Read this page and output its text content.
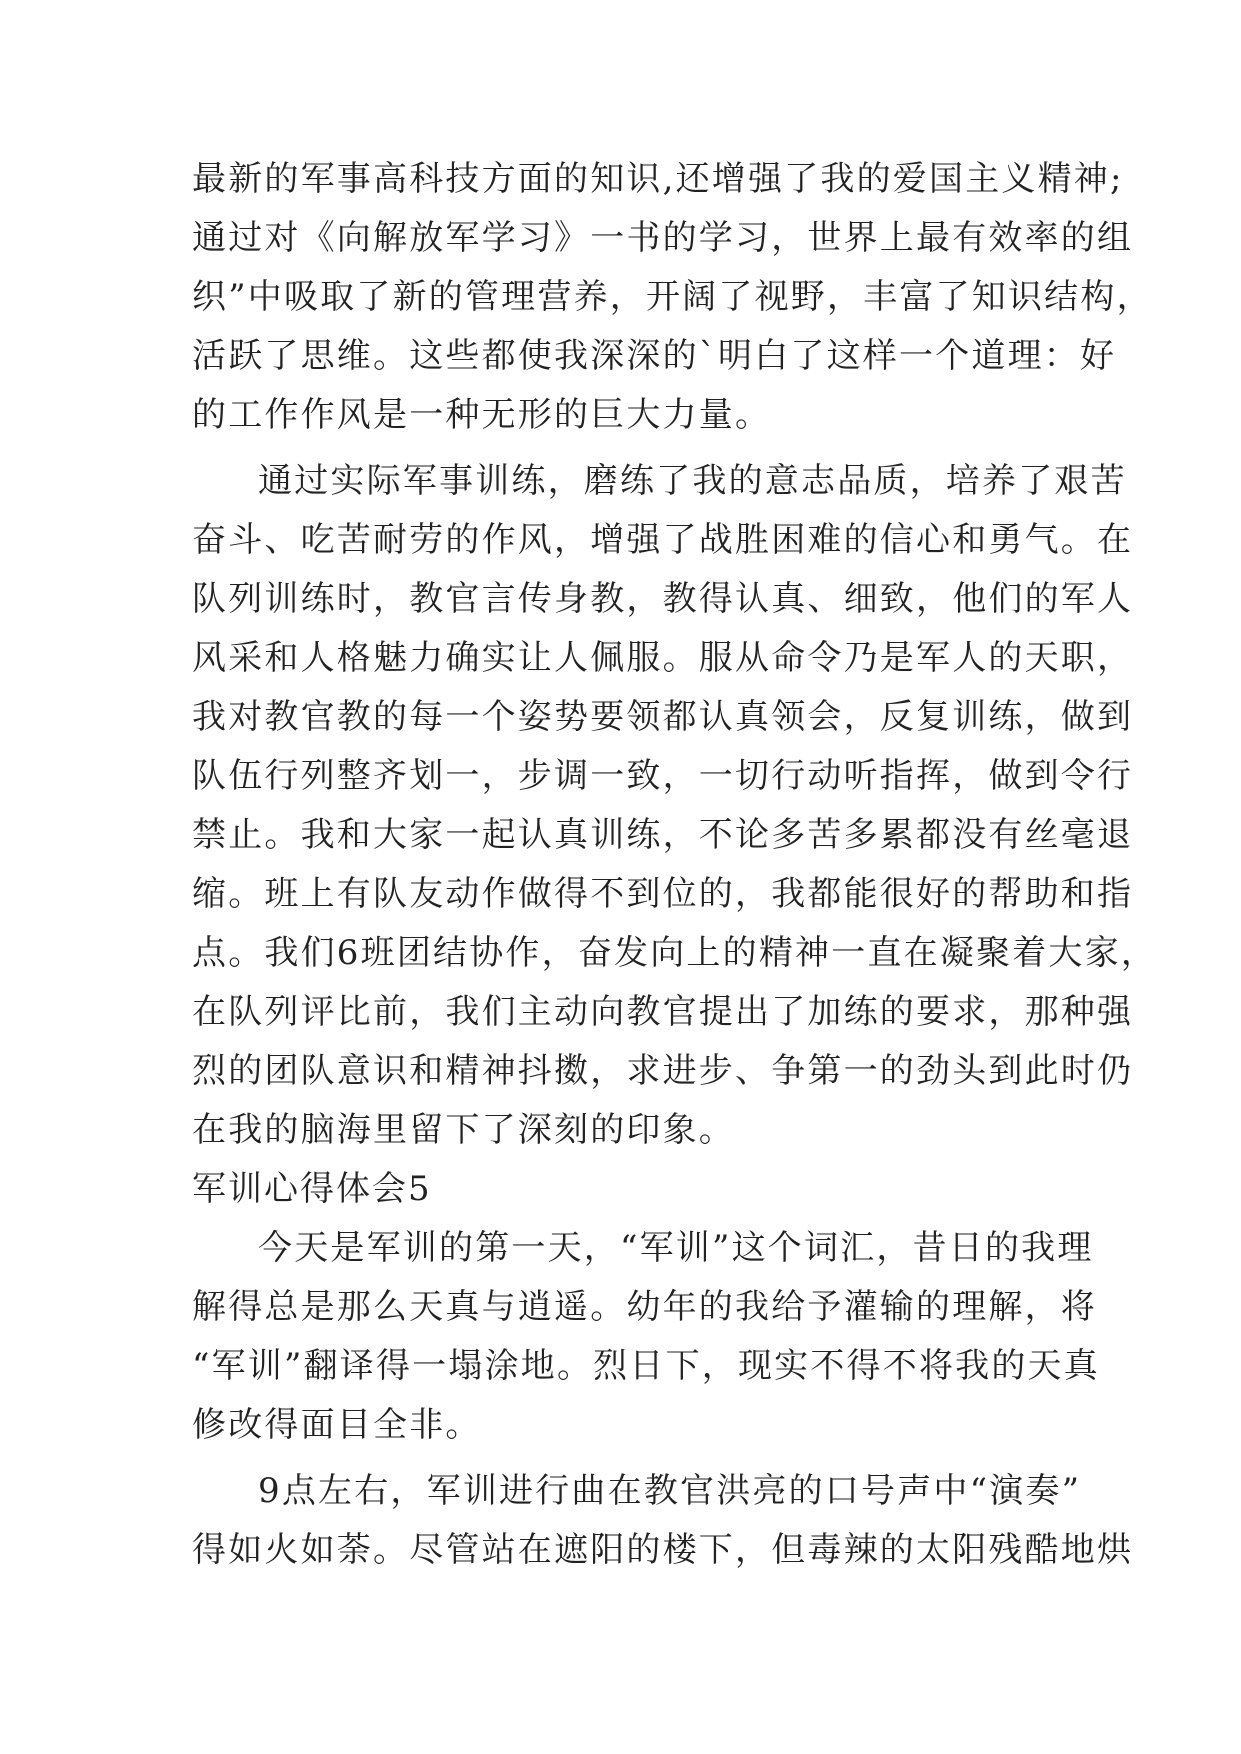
最新的军事高科技方面的知识,还增强了我的爱国主义精神;
通过对《向解放军学习》一书的学习，世界上最有效率的组
织”中吸取了新的管理营养，开阔了视野，丰富了知识结构，
活跃了思维。这些都使我深深的`明白了这样一个道理：好
的工作作风是一种无形的巨大力量。
通过实际军事训练，磨练了我的意志品质，培养了艰苦
奋斗、吃苦耐劳的作风，增强了战胜困难的信心和勇气。在
队列训练时，教官言传身教，教得认真、细致，他们的军人
风采和人格魅力确实让人佩服。服从命令乃是军人的天职，
我对教官教的每一个姿势要领都认真领会，反复训练，做到
队伍行列整齐划一，步调一致，一切行动听指挥，做到令行
禁止。我和大家一起认真训练，不论多苦多累都没有丝毫退
缩。班上有队友动作做得不到位的，我都能很好的帮助和指
点。我们6班团结协作，奋发向上的精神一直在凝聚着大家，
在队列评比前，我们主动向教官提出了加练的要求，那种强
烈的团队意识和精神抖擞，求进步、争第一的劲头到此时仍
在我的脑海里留下了深刻的印象。
军训心得体会5
今天是军训的第一天，“军训”这个词汇，昔日的我理
解得总是那么天真与逍遥。幼年的我给予灌输的理解，将
“军训”翻译得一塌涂地。烈日下，现实不得不将我的天真
修改得面目全非。
9点左右，军训进行曲在教官洪亮的口号声中“演奏”
得如火如荼。尽管站在遮阳的楼下，但毒辣的太阳残酷地烘
